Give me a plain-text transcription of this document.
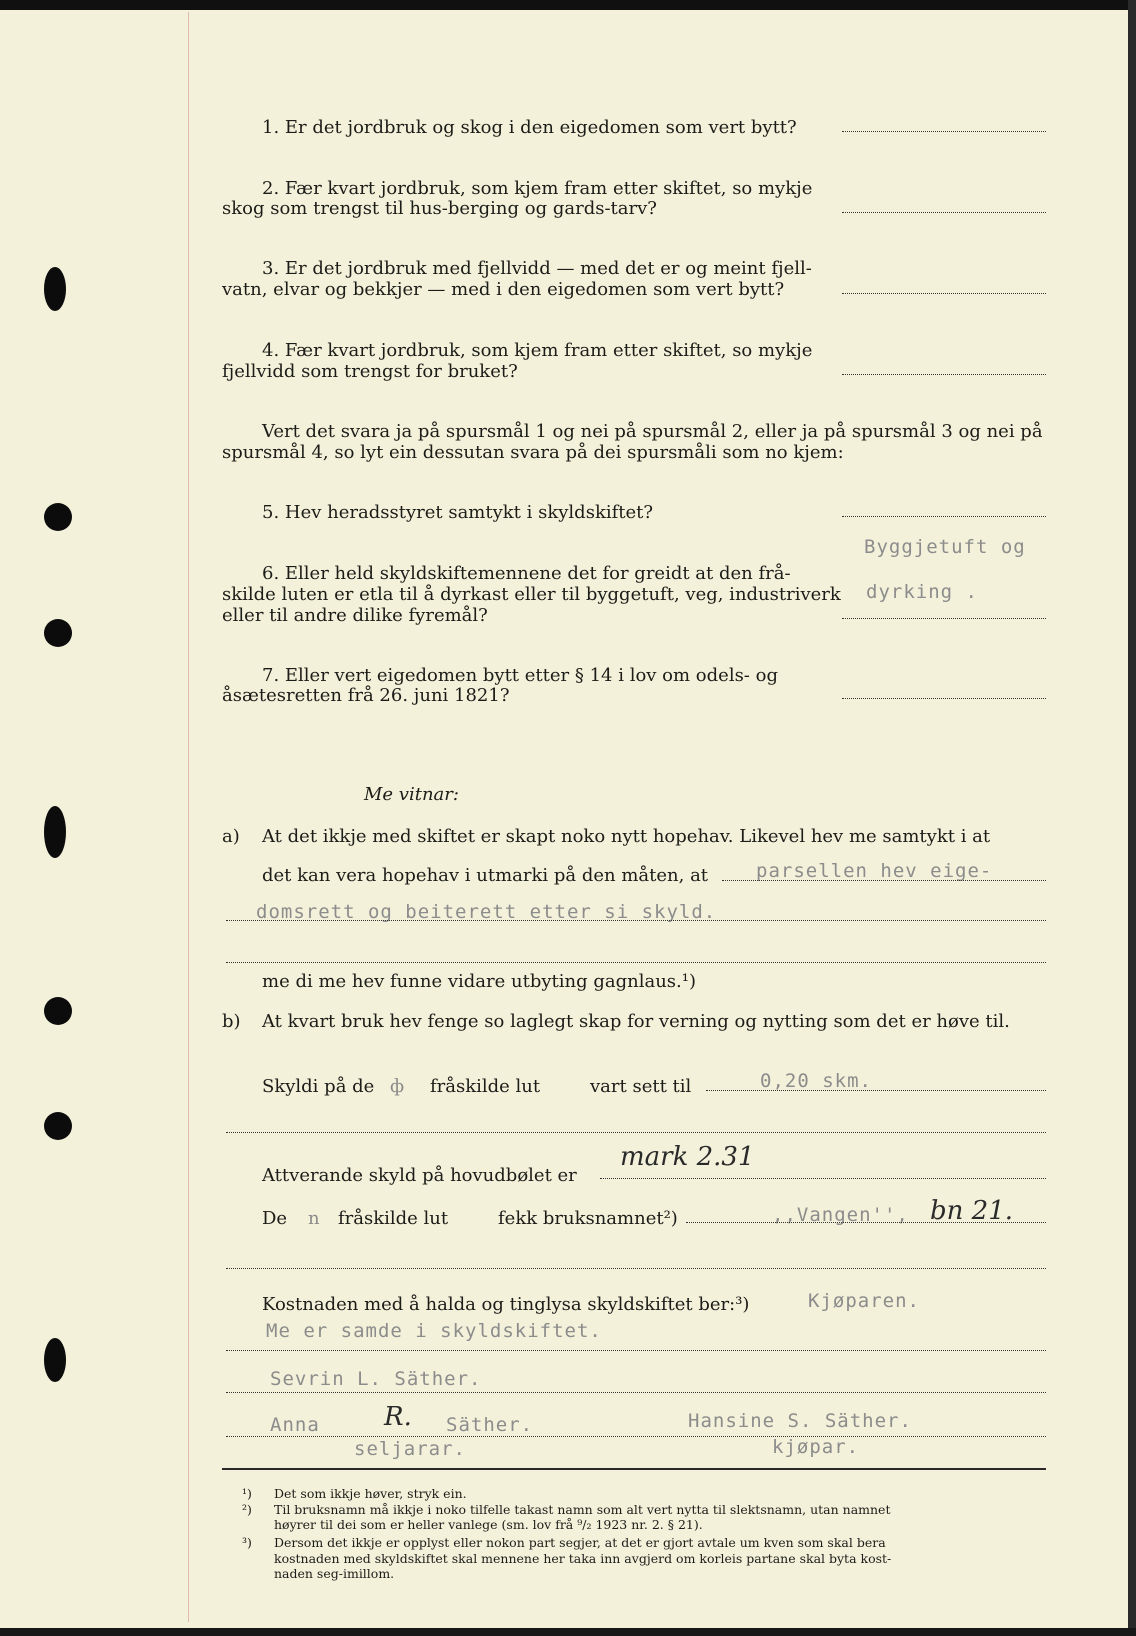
1. Er det jordbruk og skog i den eigedomen som vert bytt?
2. Fær kvart jordbruk, som kjem fram etter skiftet, so mykje
skog som trengst til hus‑berging og gards‑tarv?
3. Er det jordbruk med fjellvidd — med det er og meint fjell‑
vatn, elvar og bekkjer — med i den eigedomen som vert bytt?
4. Fær kvart jordbruk, som kjem fram etter skiftet, so mykje
fjellvidd som trengst for bruket?
Vert det svara ja på spursmål 1 og nei på spursmål 2, eller ja på spursmål 3 og nei på
spursmål 4, so lyt ein dessutan svara på dei spursmåli som no kjem:
5. Hev heradsstyret samtykt i skyldskiftet?
Byggjetuft og
6. Eller held skyldskiftemennene det for greidt at den frå‑
skilde luten er etla til å dyrkast eller til byggetuft, veg, industriverk dyrking .
eller til andre dilike fyremål?
7. Eller vert eigedomen bytt etter § 14 i lov om odels‑ og
åsætesretten frå 26. juni 1821?
Me vitnar:
a) At det ikkje med skiftet er skapt noko nytt hopehav. Likevel hev me samtykt i at
det kan vera hopehav i utmarki på den måten, at	parsellen hev eige-
domsrett og beiterett etter si skyld.
me di me hev funne vidare utbyting gagnlaus.¹)
b) At kvart bruk hev fenge so laglegt skap for verning og nytting som det er høve til.
Skyldi på de ф fråskilde lut	vart sett til	0,20 skm.
mark 2.31
Attverande skyld på hovudbølet er
De n fråskilde lut	fekk bruksnamnet²)	,,Vangen'', bn 21.
Kostnaden med å halda og tinglysa skyldskiftet ber:³)	Kjøparen.
Me er samde i skyldskiftet.
Sevrin L. Säther.
Anna R. Säther.	Hansine S. Säther.
seljarar.	kjøpar.
¹) Det som ikkje høver, stryk ein.
²) Til bruksnamn må ikkje i noko tilfelle takast namn som alt vert nytta til slektsnamn, utan namnet
høyrer til dei som er heller vanlege (sm. lov frå ⁹/₂ 1923 nr. 2. § 21).
³) Dersom det ikkje er opplyst eller nokon part segjer, at det er gjort avtale um kven som skal bera
kostnaden med skyldskiftet skal mennene her taka inn avgjerd om korleis partane skal byta kost‑
naden seg‑imillom.
